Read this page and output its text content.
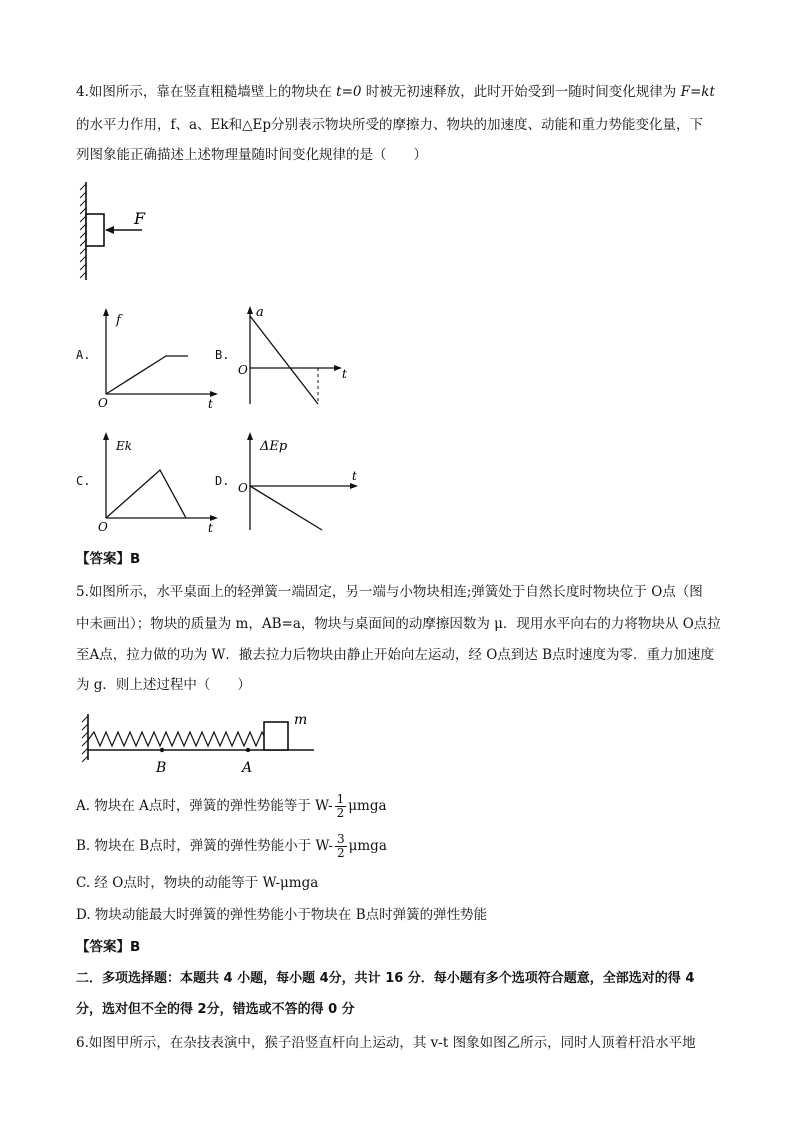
4.如图所示，靠在竖直粗糙墙壁上的物块在 t=0 时被无初速释放，此时开始受到一随时间变化规律为 F=kt
的水平力作用，f、a、Ek和△Ep分别表示物块所受的摩擦力、物块的加速度、动能和重力势能变化量，下
列图象能正确描述上述物理量随时间变化规律的是（　　）
F
A.
O
f
t
B.
O
a
t
C.
O
Ek
t
D. O
ΔEp
t
【答案】B
5.如图所示，水平桌面上的轻弹簧一端固定，另一端与小物块相连;弹簧处于自然长度时物块位于 O点（图
中未画出）；物块的质量为 m，AB=a，物块与桌面间的动摩擦因数为 μ．现用水平向右的力将物块从 O点拉
至A点，拉力做的功为 W．撤去拉力后物块由静止开始向左运动，经 O点到达 B点时速度为零．重力加速度
为 g．则上述过程中（　　）
m
B	A
A. 物块在 A点时，弹簧的弹性势能等于 $W- \frac{1}{2}$ μmga
B. 物块在 B点时，弹簧的弹性势能小于 $W- \frac{3}{2}$ μmga
C. 经 O点时，物块的动能等于 W-μmga
D. 物块动能最大时弹簧的弹性势能小于物块在 B点时弹簧的弹性势能
【答案】B
二．多项选择题：本题共 4 小题，每小题 4分，共计 16 分．每小题有多个选项符合题意，全部选对的得 4
分，选对但不全的得 2分，错选或不答的得 0 分
6.如图甲所示，在杂技表演中，猴子沿竖直杆向上运动，其 v-t 图象如图乙所示，同时人顶着杆沿水平地
